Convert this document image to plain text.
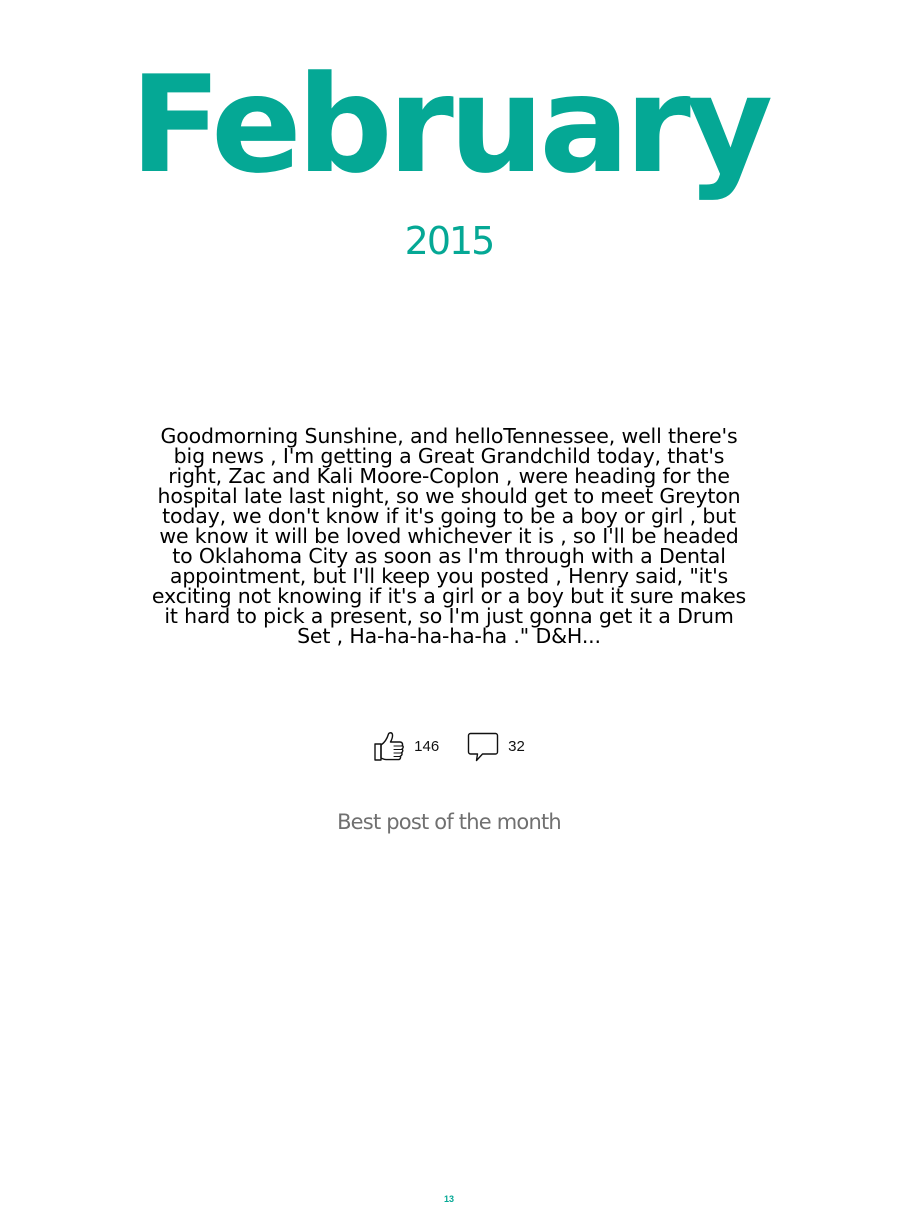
February
2015
Goodmorning Sunshine, and helloTennessee, well there's big news , I'm getting a Great Grandchild today, that's right, Zac and Kali Moore-Coplon , were heading for the hospital late last night, so we should get to meet Greyton today, we don't know if it's going to be a boy or girl , but we know it will be loved whichever it is , so I'll be headed to Oklahoma City as soon as I'm through with a Dental appointment, but I'll keep you posted , Henry said, "it's exciting not knowing if it's a girl or a boy but it sure makes it hard to pick a present, so I'm just gonna get it a Drum Set , Ha-ha-ha-ha-ha ." D&H...
146	32
Best post of the month
13
